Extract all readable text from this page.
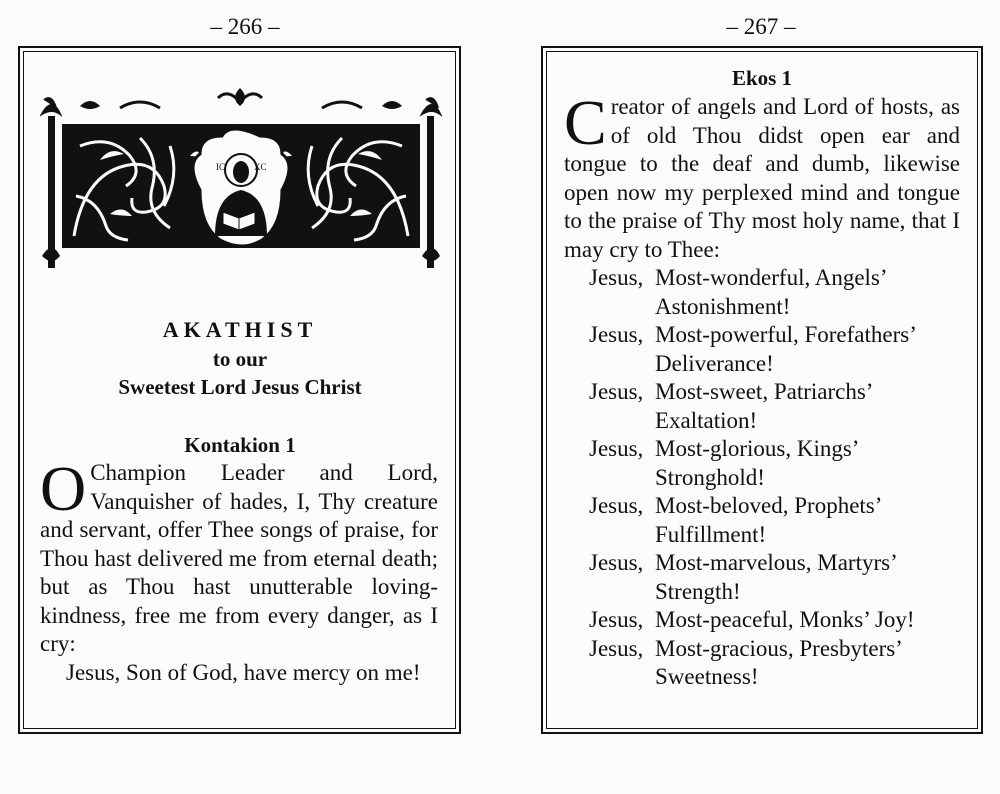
– 266 –	– 267 –
IC	XC
AKATHIST
to our
Sweetest Lord Jesus Christ
Kontakion 1
O Champion Leader and Lord, Vanquisher of hades, I, Thy creature and servant, offer Thee songs of praise, for Thou hast delivered me from eternal death; but as Thou hast unutterable loving-kindness, free me from every danger, as I cry:
Jesus, Son of God, have mercy on me!
Ekos 1
C reator of angels and Lord of hosts, as of old Thou didst open ear and tongue to the deaf and dumb, likewise open now my perplexed mind and tongue to the praise of Thy most holy name, that I may cry to Thee:
Jesus, Most-wonderful, Angels’ Astonishment!
Jesus, Most-powerful, Forefathers’ Deliverance!
Jesus, Most-sweet, Patriarchs’ Exaltation!
Jesus, Most-glorious, Kings’ Stronghold!
Jesus, Most-beloved, Prophets’ Fulfillment!
Jesus, Most-marvelous, Martyrs’ Strength!
Jesus, Most-peaceful, Monks’ Joy!
Jesus, Most-gracious, Presbyters’ Sweetness!
